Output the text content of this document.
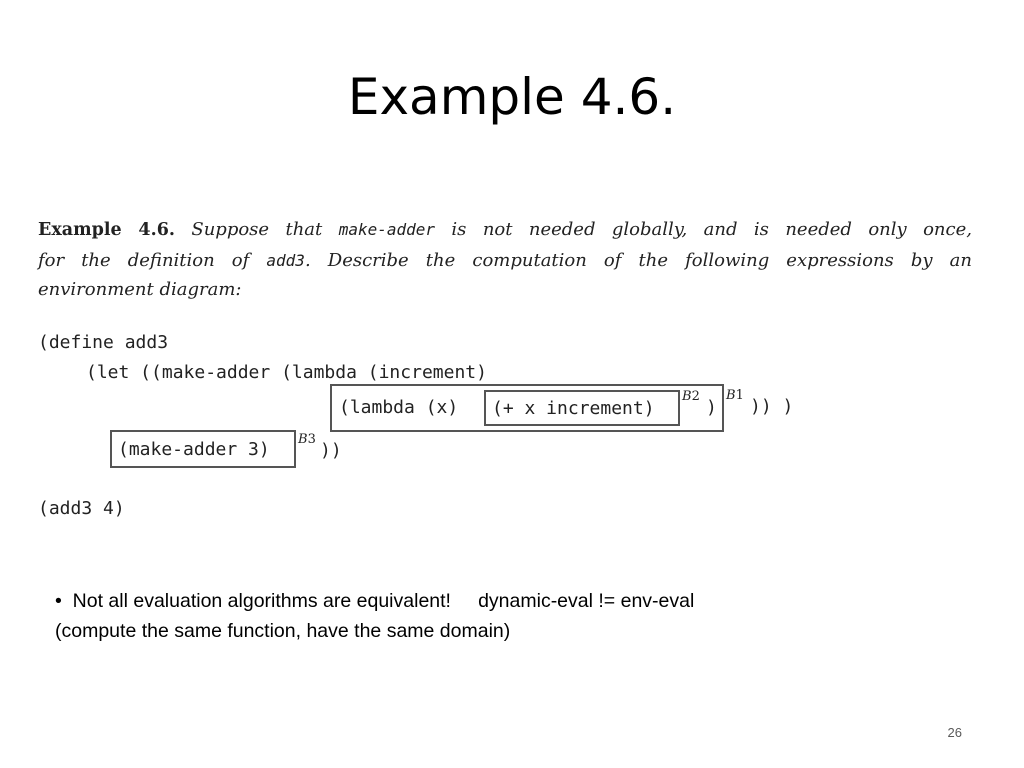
Example 4.6.
Example 4.6. Suppose that make-adder is not needed globally, and is needed only once,
for the definition of add3. Describe the computation of the following expressions by an
environment diagram:
(define add3
(let ((make-adder (lambda (increment)
(lambda (x) (+ x increment)
B2
)
B1
)) )
(make-adder 3) B3
))
(add3 4)
• Not all evaluation algorithms are equivalent! dynamic-eval != env-eval
(compute the same function, have the same domain)
26
